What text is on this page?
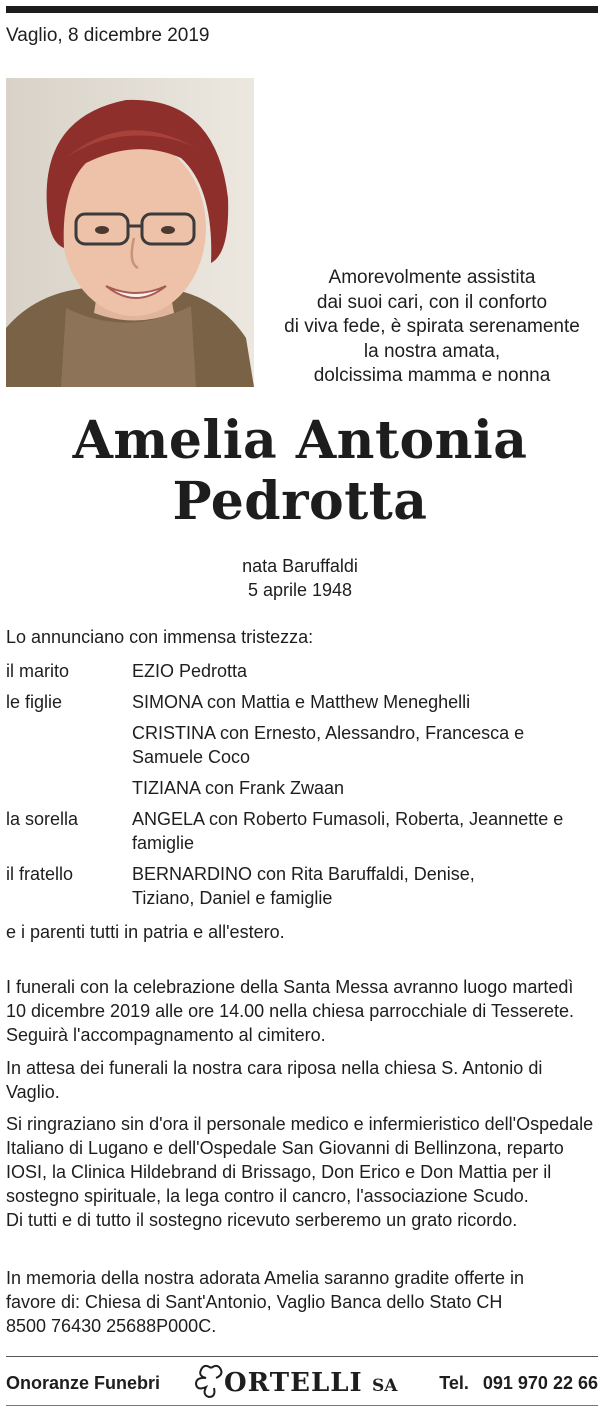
Vaglio, 8 dicembre 2019
Amorevolmente assistita
dai suoi cari, con il conforto
di viva fede, è spirata serenamente
la nostra amata,
dolcissima mamma e nonna
Amelia Antonia
Pedrotta
nata Baruffaldi
5 aprile 1948
Lo annunciano con immensa tristezza:
il marito	EZIO Pedrotta
le figlie	SIMONA con Mattia e Matthew Meneghelli
CRISTINA con Ernesto, Alessandro, Francesca e Samuele Coco
TIZIANA con Frank Zwaan
la sorella	ANGELA con Roberto Fumasoli, Roberta, Jeannette e famiglie
il fratello	BERNARDINO con Rita Baruffaldi, Denise, Tiziano, Daniel e famiglie
e i parenti tutti in patria e all'estero.
I funerali con la celebrazione della Santa Messa avranno luogo martedì 10 dicembre 2019 alle ore 14.00 nella chiesa parrocchiale di Tesserete. Seguirà l'accompagnamento al cimitero.
In attesa dei funerali la nostra cara riposa nella chiesa S. Antonio di Vaglio.
Si ringraziano sin d'ora il personale medico e infermieristico dell'Ospedale Italiano di Lugano e dell'Ospedale San Giovanni di Bellinzona, reparto IOSI, la Clinica Hildebrand di Brissago, Don Erico e Don Mattia per il sostegno spirituale, la lega contro il cancro, l'associazione Scudo.
Di tutti e di tutto il sostegno ricevuto serberemo un grato ricordo.
In memoria della nostra adorata Amelia saranno gradite offerte in favore di: Chiesa di Sant'Antonio, Vaglio Banca dello Stato CH 8500 76430 25688P000C.
Onoranze Funebri ORTELLI SA Tel. 091 970 22 66
